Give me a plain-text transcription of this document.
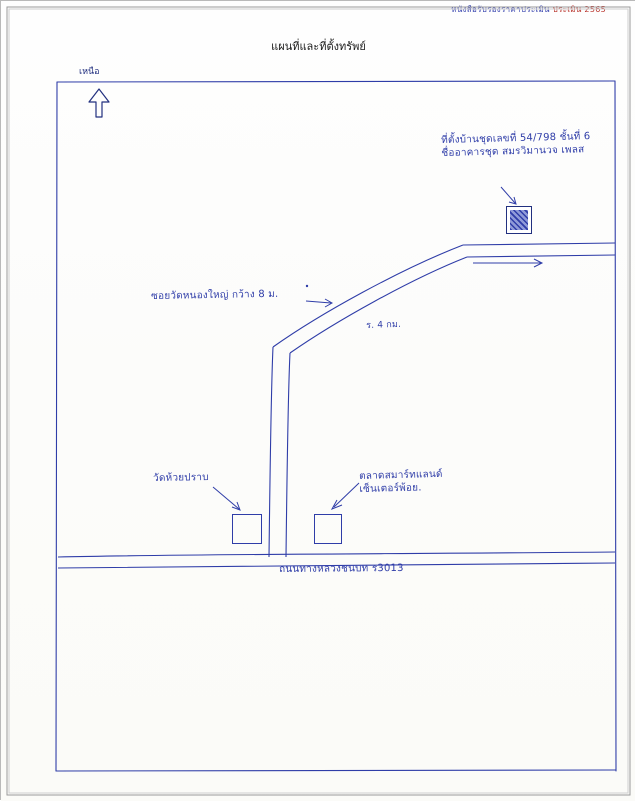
หนังสือรับรองราคาประเมิน ประเมิน 2565
แผนที่และที่ตั้งทรัพย์
เหนือ
ที่ตั้งบ้านชุดเลขที่ 54/798 ชั้นที่ 6
ชื่ออาคารชุด สมรวิมานวจ เพลส
ซอยวัดหนองใหญ่ กว้าง 8 ม.
ร. 4 กม.
วัดห้วยปราบ	ตลาดสมาร์ทแลนด์
เซ็นเตอร์พ้อย.
ถนนทางหลวงชนบท ร3013
